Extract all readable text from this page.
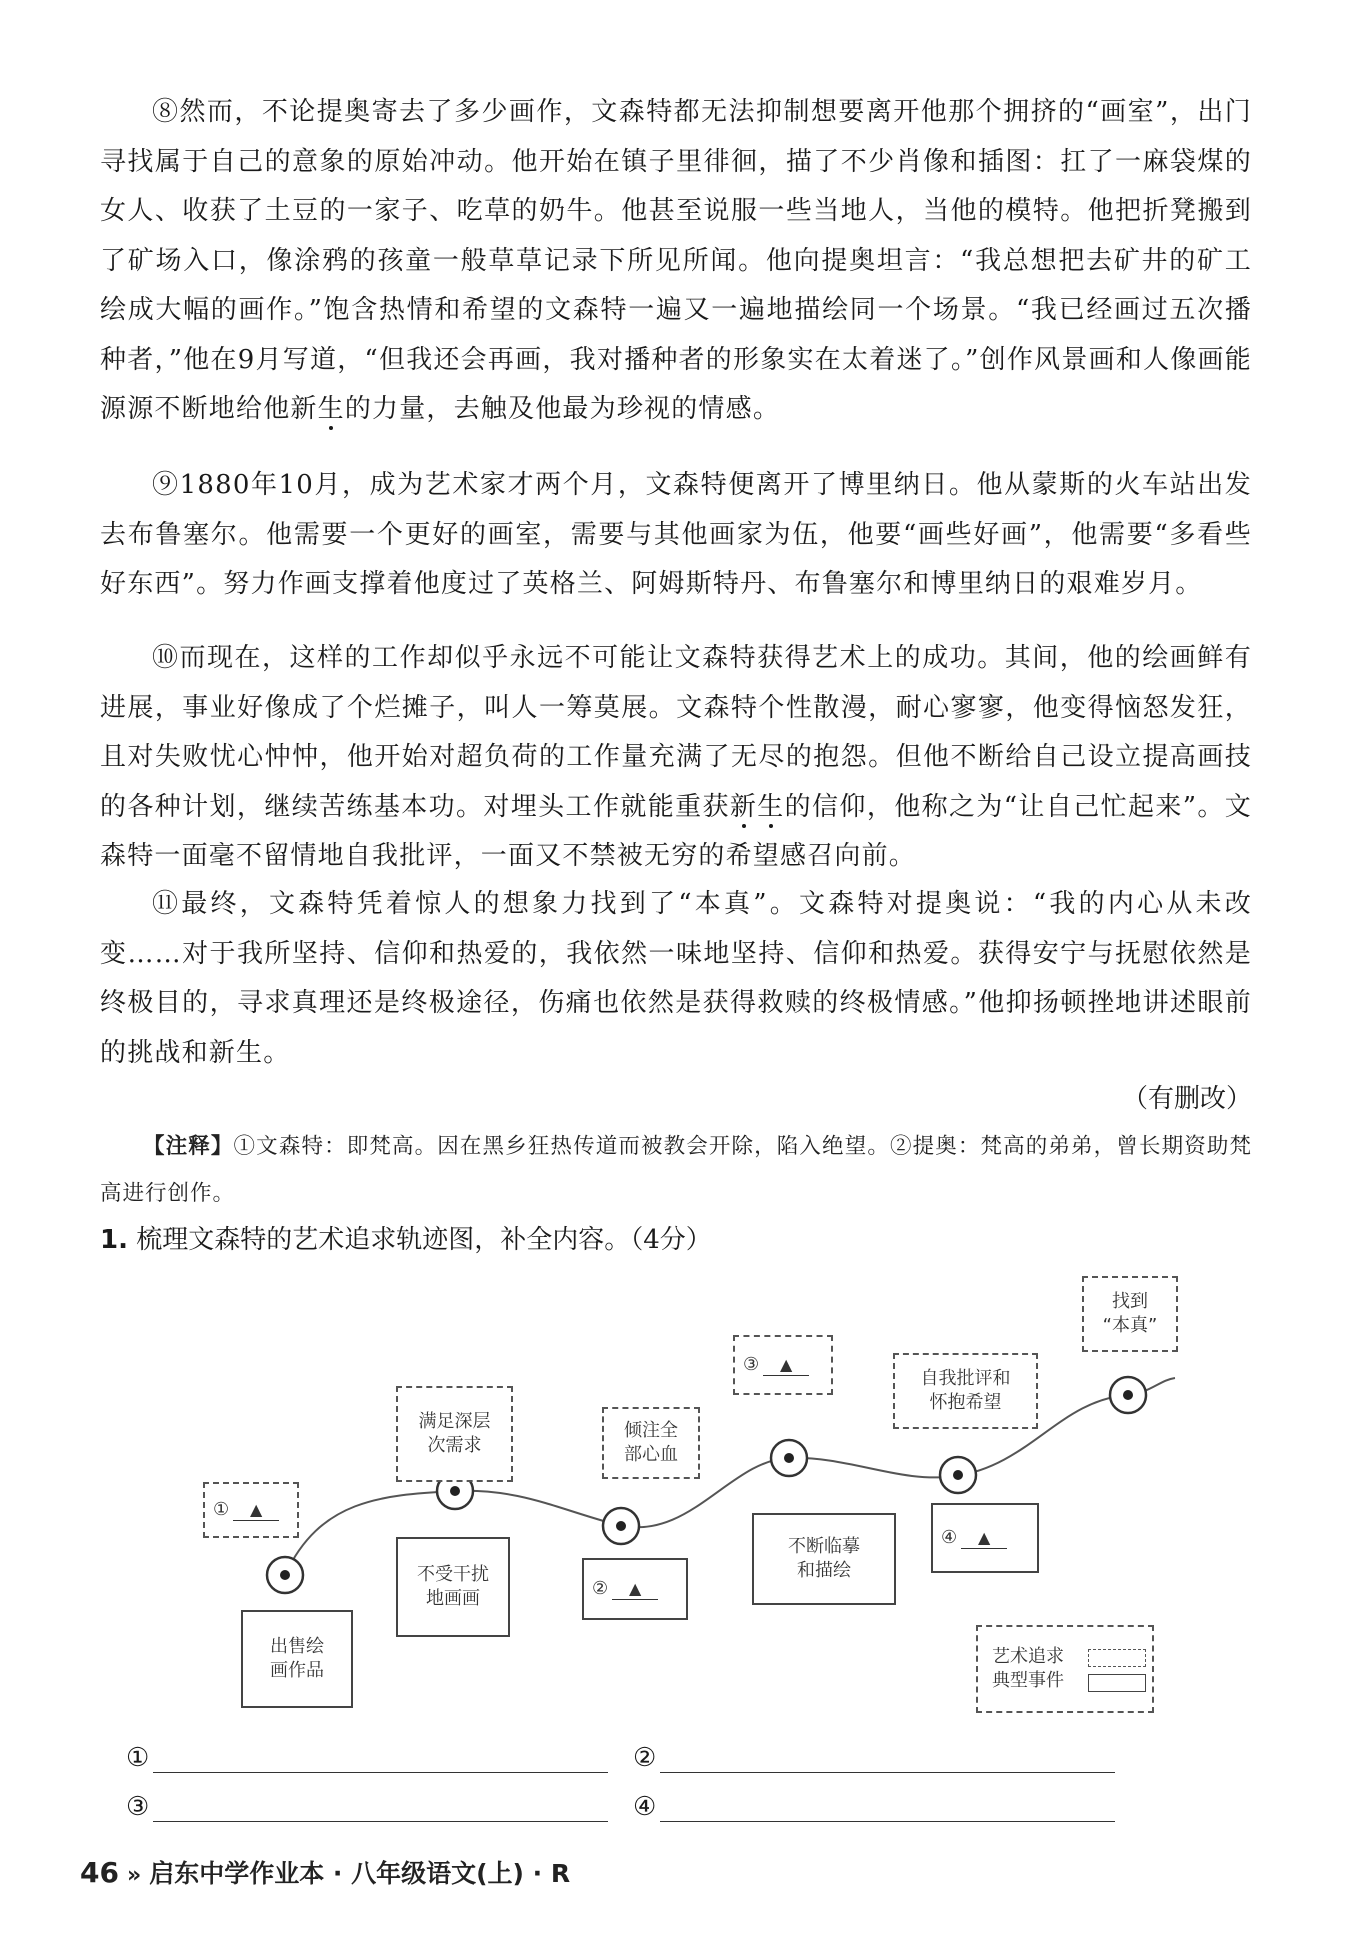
⑧然而，不论提奥寄去了多少画作，文森特都无法抑制想要离开他那个拥挤的“画室”，出门寻找属于自己的意象的原始冲动。他开始在镇子里徘徊，描了不少肖像和插图：扛了一麻袋煤的女人、收获了土豆的一家子、吃草的奶牛。他甚至说服一些当地人，当他的模特。他把折凳搬到了矿场入口，像涂鸦的孩童一般草草记录下所见所闻。他向提奥坦言：“我总想把去矿井的矿工绘成大幅的画作。”饱含热情和希望的文森特一遍又一遍地描绘同一个场景。“我已经画过五次播种者，”他在9月写道，“但我还会再画，我对播种者的形象实在太着迷了。”创作风景画和人像画能源源不断地给他新生的力量，去触及他最为珍视的情感。

⑨1880年10月，成为艺术家才两个月，文森特便离开了博里纳日。他从蒙斯的火车站出发去布鲁塞尔。他需要一个更好的画室，需要与其他画家为伍，他要“画些好画”，他需要“多看些好东西”。努力作画支撑着他度过了英格兰、阿姆斯特丹、布鲁塞尔和博里纳日的艰难岁月。

⑩而现在，这样的工作却似乎永远不可能让文森特获得艺术上的成功。其间，他的绘画鲜有进展，事业好像成了个烂摊子，叫人一筹莫展。文森特个性散漫，耐心寥寥，他变得恼怒发狂，且对失败忧心忡忡，他开始对超负荷的工作量充满了无尽的抱怨。但他不断给自己设立提高画技的各种计划，继续苦练基本功。对埋头工作就能重获新生的信仰，他称之为“让自己忙起来”。文森特一面毫不留情地自我批评，一面又不禁被无穷的希望感召向前。

⑪最终，文森特凭着惊人的想象力找到了“本真”。文森特对提奥说：“我的内心从未改变……对于我所坚持、信仰和热爱的，我依然一味地坚持、信仰和热爱。获得安宁与抚慰依然是终极目的，寻求真理还是终极途径，伤痛也依然是获得救赎的终极情感。”他抑扬顿挫地讲述眼前的挑战和新生。

（有删改）
【注释】①文森特：即梵高。因在黑乡狂热传道而被教会开除，陷入绝望。②提奥：梵高的弟弟，曾长期资助梵高进行创作。
1. 梳理文森特的艺术追求轨迹图，补全内容。（4分）
①	▲
满足深层
次需求
倾注全
部心血
③	▲
自我批评和
怀抱希望
找到
“本真”
出售绘
画作品
不受干扰
地画画	②	▲
不断临摹
和描绘
④	▲
艺术追求
典型事件
①	②
③	④
46 » 启东中学作业本 · 八年级语文(上) · R
